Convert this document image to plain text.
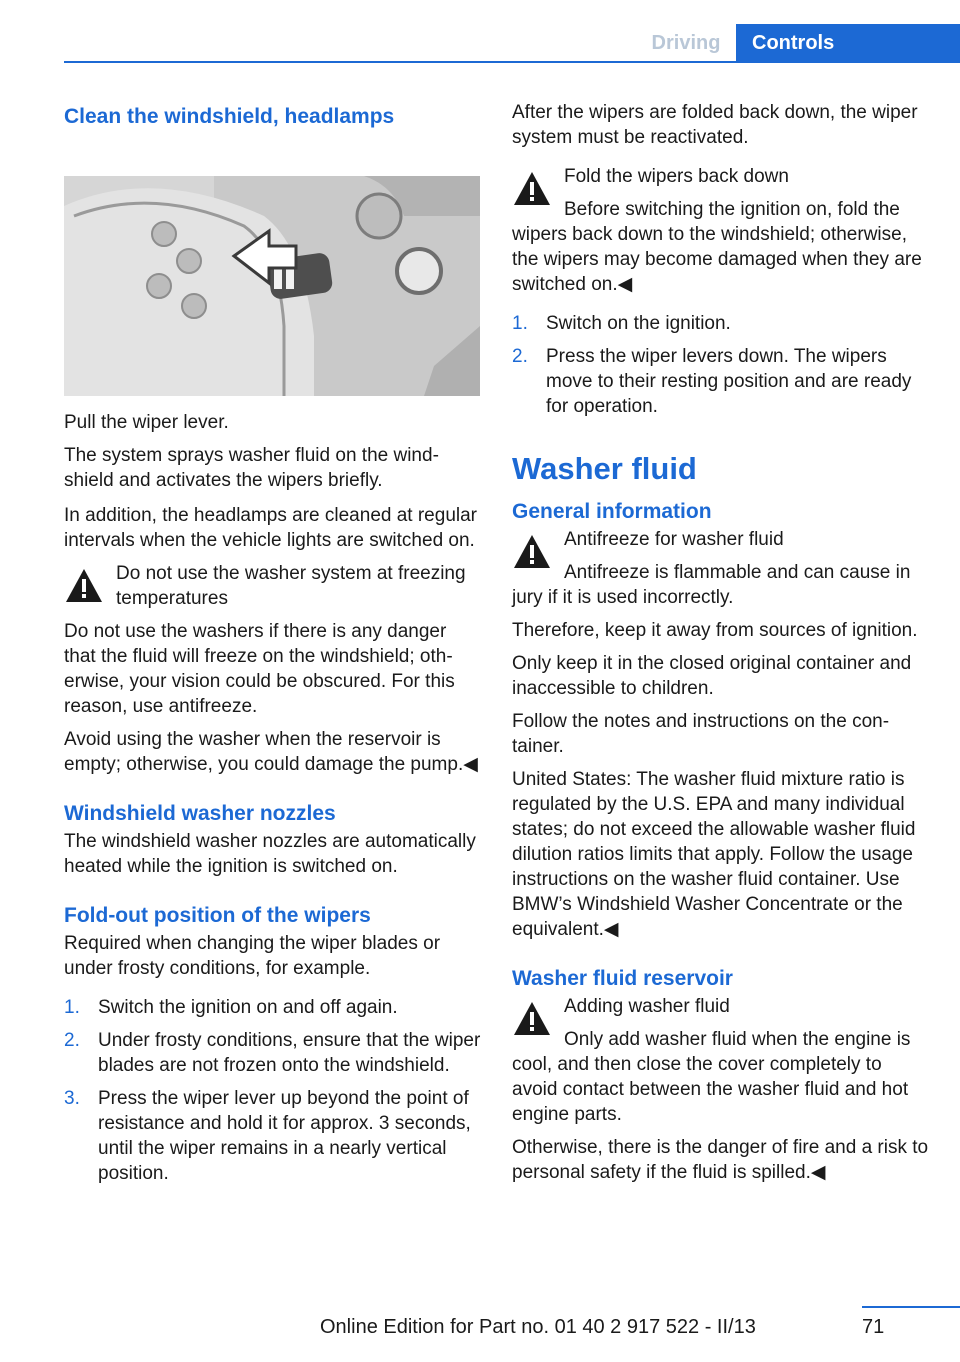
Driving	Controls
Clean the windshield, headlamps

Pull the wiper lever.

The system sprays washer fluid on the windshield and activates the wipers briefly.

In addition, the headlamps are cleaned at regular intervals when the vehicle lights are switched on.

Do not use the washer system at freezing temperatures

Do not use the washers if there is any danger that the fluid will freeze on the windshield; otherwise, your vision could be obscured. For this reason, use antifreeze.

Avoid using the washer when the reservoir is empty; otherwise, you could damage the pump.◀

Windshield washer nozzles

The windshield washer nozzles are automatically heated while the ignition is switched on.

Fold-out position of the wipers

Required when changing the wiper blades or under frosty conditions, for example.

1. Switch the ignition on and off again.
2. Under frosty conditions, ensure that the wiper blades are not frozen onto the windshield.
3. Press the wiper lever up beyond the point of resistance and hold it for approx. 3 seconds, until the wiper remains in a nearly vertical position.

After the wipers are folded back down, the wiper system must be reactivated.

Fold the wipers back down

Before switching the ignition on, fold the

wipers back down to the windshield; otherwise, the wipers may become damaged when they are switched on.◀

1. Switch on the ignition.
2. Press the wiper levers down. The wipers move to their resting position and are ready for operation.
Washer fluid
General information

Antifreeze for washer fluid

Antifreeze is flammable and can cause in

jury if it is used incorrectly.

Therefore, keep it away from sources of ignition.

Only keep it in the closed original container and inaccessible to children.

Follow the notes and instructions on the container.

United States: The washer fluid mixture ratio is regulated by the U.S. EPA and many individual states; do not exceed the allowable washer fluid dilution ratios limits that apply. Follow the usage instructions on the washer fluid container. Use BMW’s Windshield Washer Concentrate or the equivalent.◀

Washer fluid reservoir

Adding washer fluid

Only add washer fluid when the engine is

cool, and then close the cover completely to avoid contact between the washer fluid and hot engine parts.

Otherwise, there is the danger of fire and a risk to personal safety if the fluid is spilled.◀

Online Edition for Part no. 01 40 2 917 522 - II/13	71
